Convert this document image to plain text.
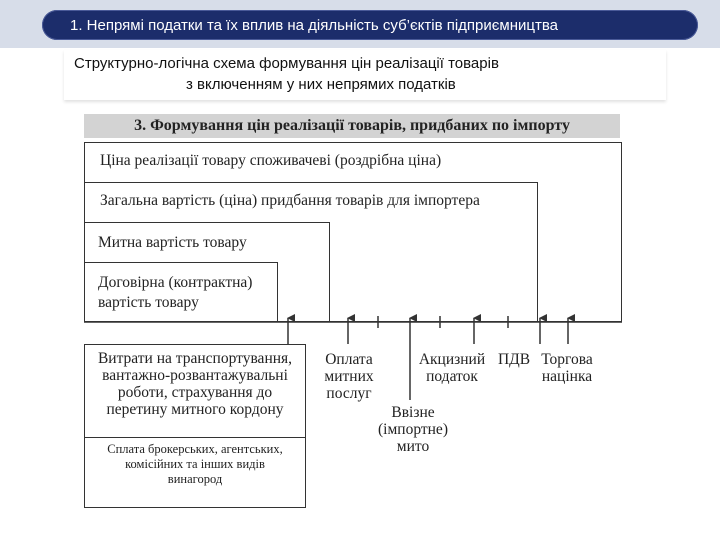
1. Непрямі податки та їх вплив на діяльність суб’єктів підприємництва
Структурно-логічна схема формування цін реалізації товарів
з включенням у них непрямих податків
3. Формування цін реалізації товарів, придбаних по імпорту
Ціна реалізації товару споживачеві (роздрібна ціна)
Загальна вартість (ціна) придбання товарів для імпортера
Митна вартість товару
Договірна (контрактна)
вартість товару
Витрати на транспортування,
вантажно-розвантажувальні
роботи, страхування до
перетину митного кордону
Сплата брокерських, агентських,
комісійних та інших видів
винагород
Оплата
митних
послуг
Ввізне
(імпортне)
мито
Акцизний
податок
ПДВ Торгова
націнка
